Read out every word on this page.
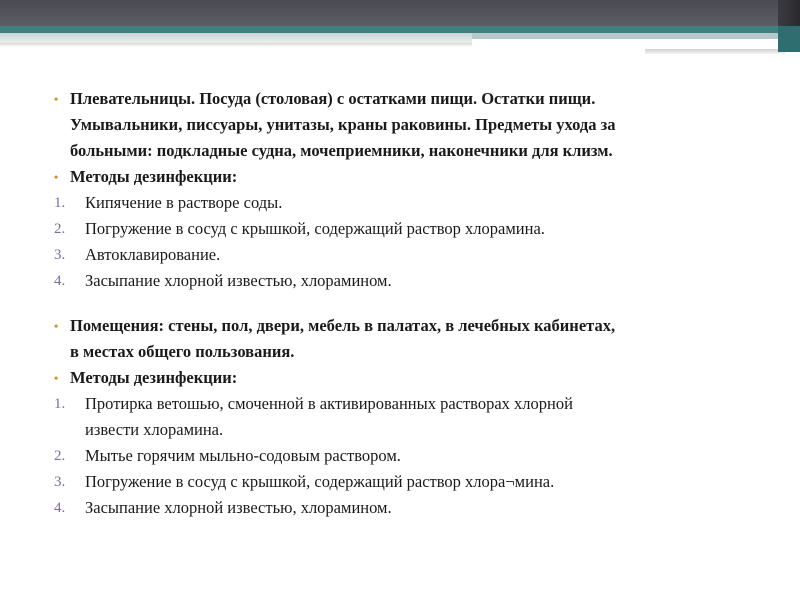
• Плевательницы. Посуда (столовая) с остатками пищи. Остатки пищи.
Умывальники, писсуары, унитазы, краны раковины. Предметы ухода за
больными: подкладные судна, мочеприемники, наконечники для клизм.
• Методы дезинфекции:
1. Кипячение в растворе соды.
2. Погружение в сосуд с крышкой, содержащий раствор хлорамина.
3. Автоклавирование.
4. Засыпание хлорной известью, хлорамином.
• Помещения: стены, пол, двери, мебель в палатах, в лечебных кабинетах,
в местах общего пользования.
• Методы дезинфекции:
1. Протирка ветошью, смоченной в активированных растворах хлорной
извести хлорамина.
2. Мытье горячим мыльно-содовым раствором.
3. Погружение в сосуд с крышкой, содержащий раствор хлора¬мина.
4. Засыпание хлорной известью, хлорамином.
